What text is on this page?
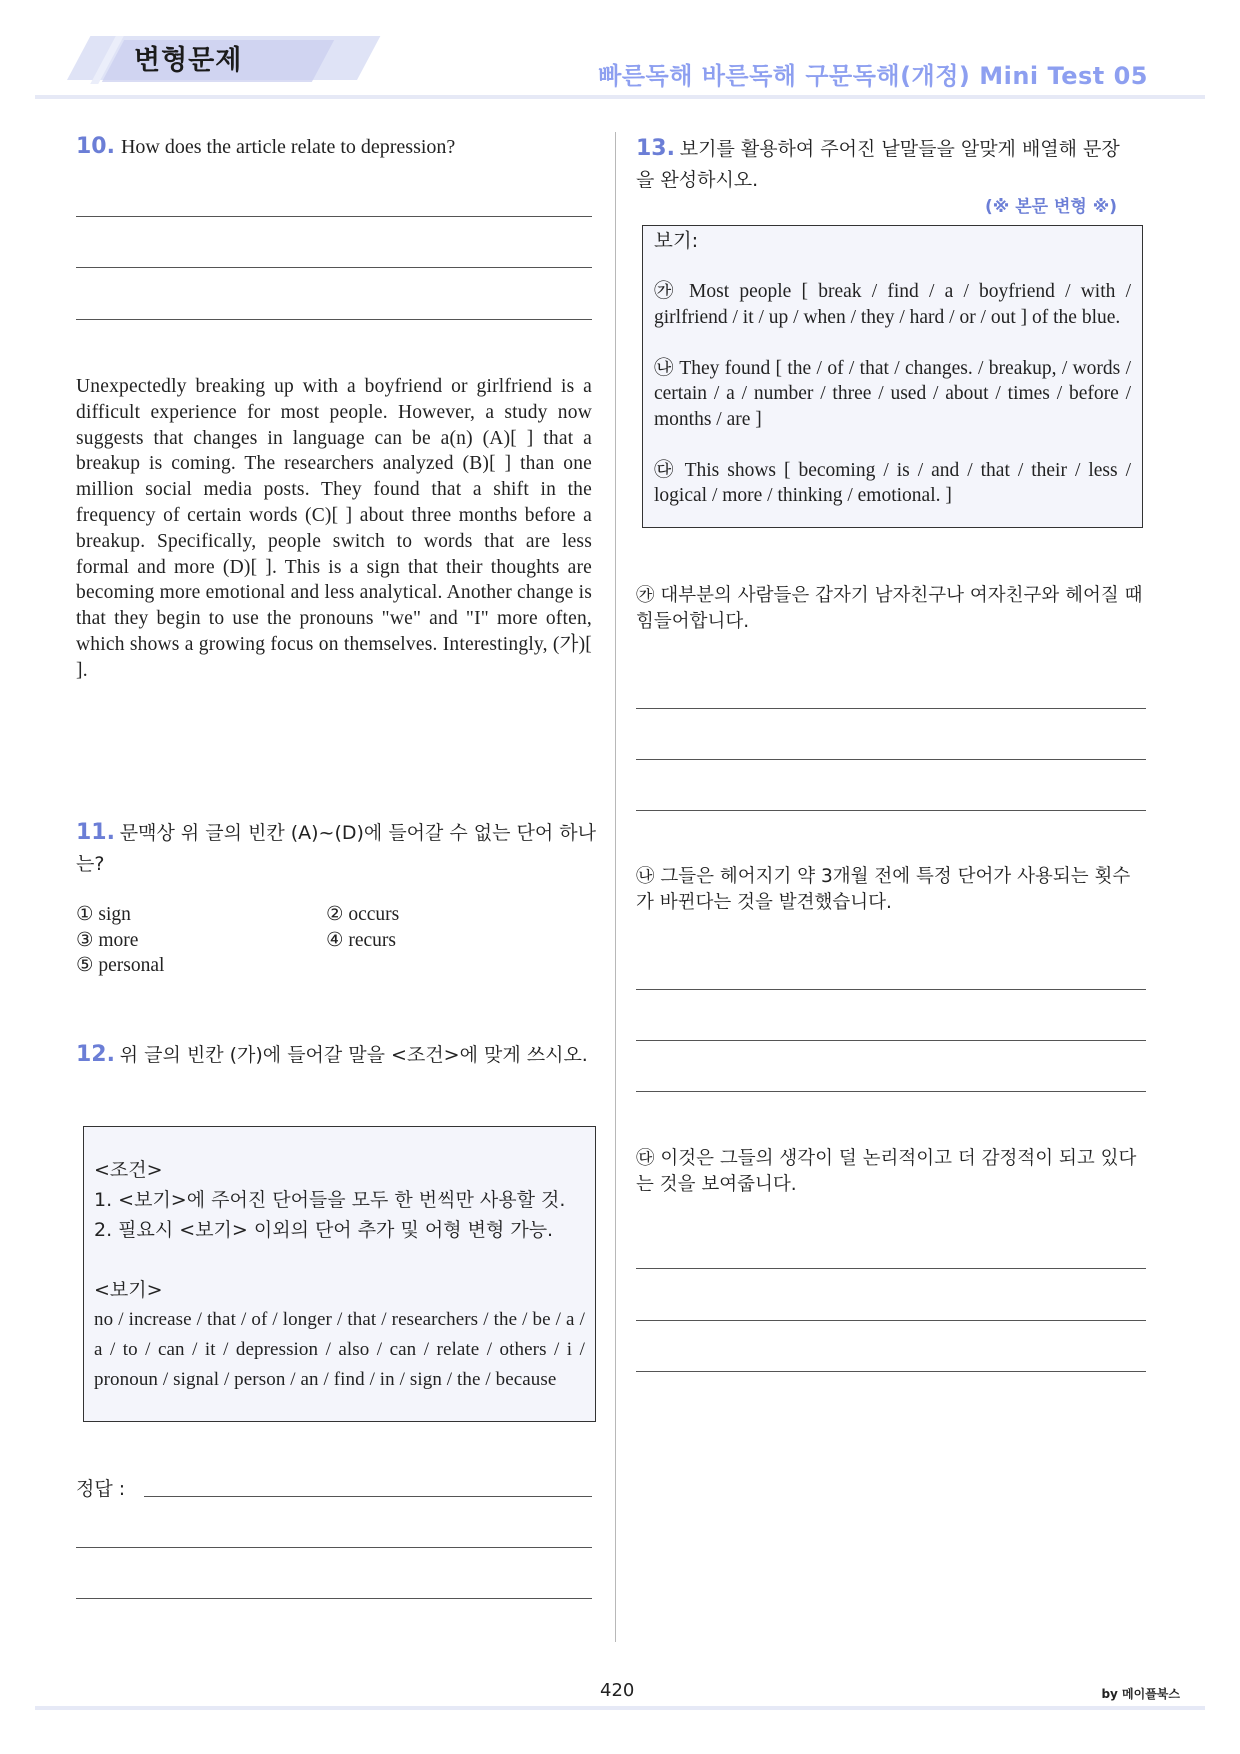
변형문제	빠른독해 바른독해 구문독해(개정) Mini Test 05
10. How does the article relate to depression?
Unexpectedly breaking up with a boyfriend or girlfriend is a difficult experience for most people. However, a study now suggests that changes in language can be a(n) (A)[ ] that a breakup is coming. The researchers analyzed (B)[ ] than one million social media posts. They found that a shift in the frequency of certain words (C)[ ] about three months before a breakup. Specifically, people switch to words that are less formal and more (D)[ ]. This is a sign that their thoughts are becoming more emotional and less analytical. Another change is that they begin to use the pronouns "we" and "I" more often, which shows a growing focus on themselves. Interestingly, (가)[ ].
11. 문맥상 위 글의 빈칸 (A)~(D)에 들어갈 수 없는 단어 하나는?
① sign	② occurs
③ more	④ recurs
⑤ personal
12. 위 글의 빈칸 (가)에 들어갈 말을 <조건>에 맞게 쓰시오.
<조건>
1. <보기>에 주어진 단어들을 모두 한 번씩만 사용할 것.
2. 필요시 <보기> 이외의 단어 추가 및 어형 변형 가능.
<보기>
no / increase / that / of / longer / that / researchers / the / be / a / a / to / can / it / depression / also / can / relate / others / i / pronoun / signal / person / an / find / in / sign / the / because
정답 :
13. 보기를 활용하여 주어진 낱말들을 알맞게 배열해 문장을 완성하시오.
(※ 본문 변형 ※)
보기:
㉮ Most people [ break / find / a / boyfriend / with / girlfriend / it / up / when / they / hard / or / out ] of the blue.
㉯ They found [ the / of / that / changes. / breakup, / words / certain / a / number / three / used / about / times / before / months / are ]
㉰ This shows [ becoming / is / and / that / their / less / logical / more / thinking / emotional. ]
㉮ 대부분의 사람들은 갑자기 남자친구나 여자친구와 헤어질 때 힘들어합니다.
㉯ 그들은 헤어지기 약 3개월 전에 특정 단어가 사용되는 횟수가 바뀐다는 것을 발견했습니다.
㉰ 이것은 그들의 생각이 덜 논리적이고 더 감정적이 되고 있다는 것을 보여줍니다.
420	by 메이플북스
